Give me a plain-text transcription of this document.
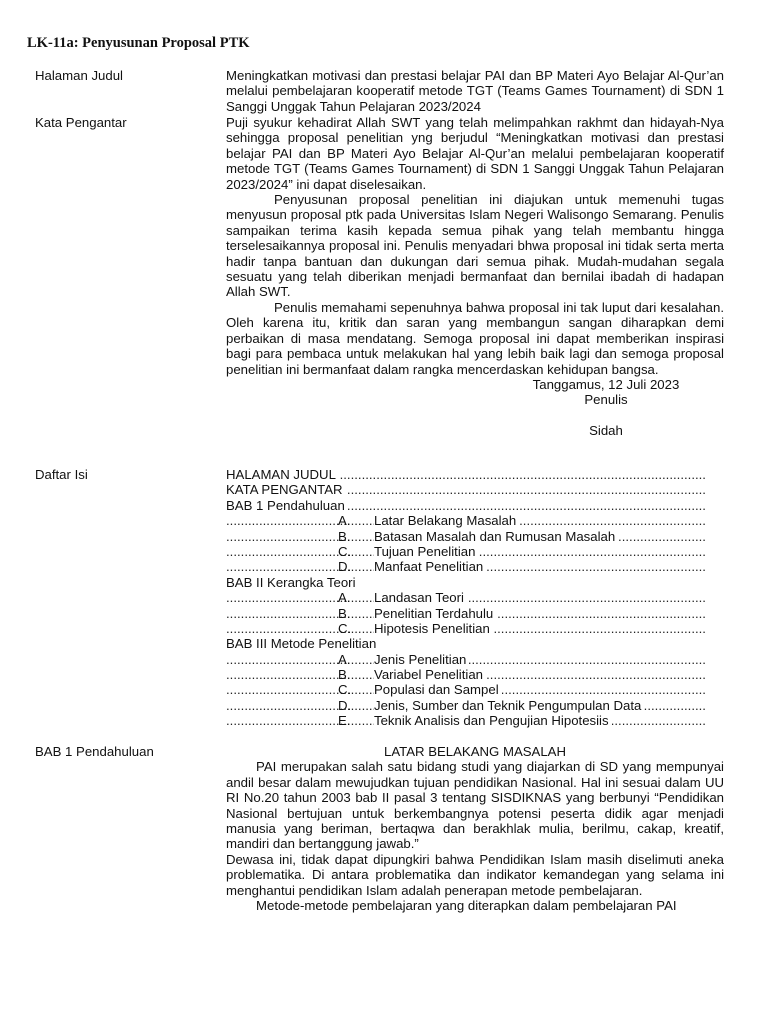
LK-11a: Penyusunan Proposal PTK
Halaman Judul	Meningkatkan motivasi dan prestasi belajar PAI dan BP Materi Ayo Belajar Al-Qur’an melalui pembelajaran kooperatif metode TGT (Teams Games Tournament) di SDN 1 Sanggi Unggak Tahun Pelajaran 2023/2024

Kata Pengantar	Puji syukur kehadirat Allah SWT yang telah melimpahkan rakhmt dan hidayah-Nya sehingga proposal penelitian yng berjudul “Meningkatkan motivasi dan prestasi belajar PAI dan BP Materi Ayo Belajar Al-Qur’an melalui pembelajaran kooperatif metode TGT (Teams Games Tournament) di SDN 1 Sanggi Unggak Tahun Pelajaran 2023/2024” ini dapat diselesaikan.

Penyusunan proposal penelitian ini diajukan untuk memenuhi tugas menyusun proposal ptk pada Universitas Islam Negeri Walisongo Semarang. Penulis sampaikan terima kasih kepada semua pihak yang telah membantu hingga terselesaikannya proposal ini. Penulis menyadari bhwa proposal ini tidak serta merta hadir tanpa bantuan dan dukungan dari semua pihak. Mudah-mudahan segala sesuatu yang telah diberikan menjadi bermanfaat dan bernilai ibadah di hadapan Allah SWT.

Penulis memahami sepenuhnya bahwa proposal ini tak luput dari kesalahan. Oleh karena itu, kritik dan saran yang membangun sangan diharapkan demi perbaikan di masa mendatang. Semoga proposal ini dapat memberikan inspirasi bagi para pembaca untuk melakukan hal yang lebih baik lagi dan semoga proposal penelitian ini bermanfaat dalam rangka mencerdaskan kehidupan bangsa.

Tanggamus, 12 Juli 2023
Penulis
Sidah
Daftar Isi
.....	HALAMAN JUDUL
.....
KATA PENGANTAR
.....
BAB 1 Pendahuluan
.....
A. Latar Belakang Masalah
.....
B. Batasan Masalah dan Rumusan Masalah
.....
C. Tujuan Penelitian
.....
D. Manfaat Penelitian
BAB II Kerangka Teori
.....
A. Landasan Teori
.....
B. Penelitian Terdahulu
.....
C. Hipotesis Penelitian
BAB III Metode Penelitian
.....
A. Jenis Penelitian
.....
B. Variabel Penelitian
.....
C. Populasi dan Sampel
.....
D. Jenis, Sumber dan Teknik Pengumpulan Data
.....
E. Teknik Analisis dan Pengujian Hipotesiis
BAB 1 Pendahuluan	LATAR BELAKANG MASALAH

PAI merupakan salah satu bidang studi yang diajarkan di SD yang mempunyai andil besar dalam mewujudkan tujuan pendidikan Nasional. Hal ini sesuai dalam UU RI No.20 tahun 2003 bab II pasal 3 tentang SISDIKNAS yang berbunyi “Pendidikan Nasional bertujuan untuk berkembangnya potensi peserta didik agar menjadi manusia yang beriman, bertaqwa dan berakhlak mulia, berilmu, cakap, kreatif, mandiri dan bertanggung jawab.”

Dewasa ini, tidak dapat dipungkiri bahwa Pendidikan Islam masih diselimuti aneka problematika. Di antara problematika dan indikator kemandegan yang selama ini menghantui pendidikan Islam adalah penerapan metode pembelajaran.

Metode-metode pembelajaran yang diterapkan dalam pembelajaran PAI
